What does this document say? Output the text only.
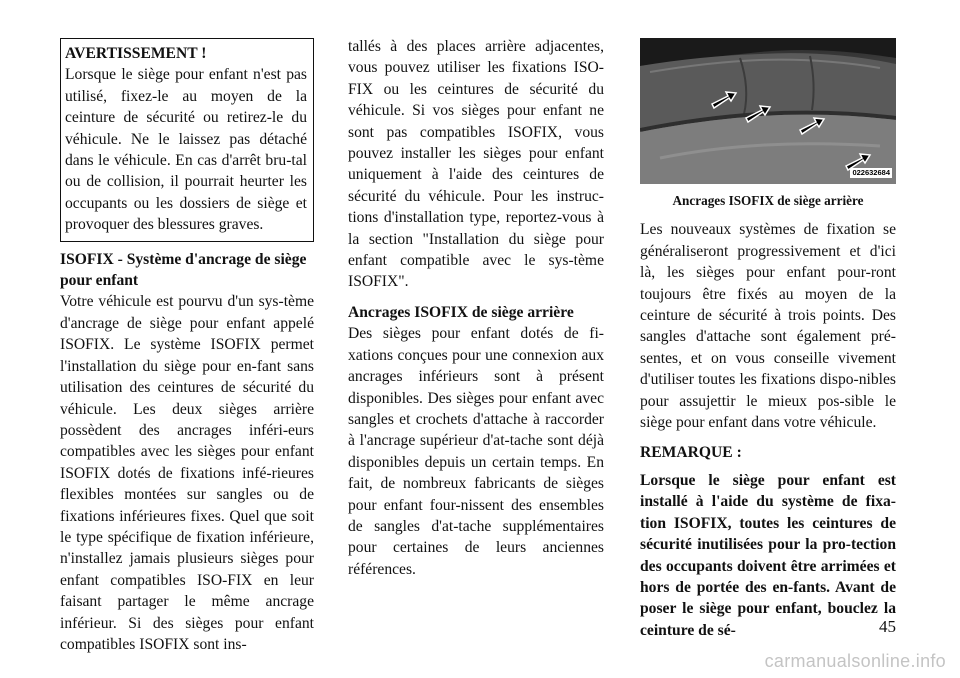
AVERTISSEMENT !

Lorsque le siège pour enfant n'est pas utilisé, fixez-le au moyen de la ceinture de sécurité ou retirez-le du véhicule. Ne le laissez pas détaché dans le véhicule. En cas d'arrêt bru-tal ou de collision, il pourrait heurter les occupants ou les dossiers de siège et provoquer des blessures graves.

ISOFIX - Système d'ancrage de siège pour enfant

Votre véhicule est pourvu d'un sys-tème d'ancrage de siège pour enfant appelé ISOFIX. Le système ISOFIX permet l'installation du siège pour en-fant sans utilisation des ceintures de sécurité du véhicule. Les deux sièges arrière possèdent des ancrages inféri-eurs compatibles avec les sièges pour enfant ISOFIX dotés de fixations infé-rieures flexibles montées sur sangles ou de fixations inférieures fixes. Quel que soit le type spécifique de fixation inférieure, n'installez jamais plusieurs sièges pour enfant compatibles ISO-FIX en leur faisant partager le même ancrage inférieur. Si des sièges pour enfant compatibles ISOFIX sont ins-

tallés à des places arrière adjacentes, vous pouvez utiliser les fixations ISO-FIX ou les ceintures de sécurité du véhicule. Si vos sièges pour enfant ne sont pas compatibles ISOFIX, vous pouvez installer les sièges pour enfant uniquement à l'aide des ceintures de sécurité du véhicule. Pour les instruc-tions d'installation type, reportez-vous à la section "Installation du siège pour enfant compatible avec le sys-tème ISOFIX".

Ancrages ISOFIX de siège arrière

Des sièges pour enfant dotés de fi-xations conçues pour une connexion aux ancrages inférieurs sont à présent disponibles. Des sièges pour enfant avec sangles et crochets d'attache à raccorder à l'ancrage supérieur d'at-tache sont déjà disponibles depuis un certain temps. En fait, de nombreux fabricants de sièges pour enfant four-nissent des ensembles de sangles d'at-tache supplémentaires pour certaines de leurs anciennes références.

022632684

Ancrages ISOFIX de siège arrière

Les nouveaux systèmes de fixation se généraliseront progressivement et d'ici là, les sièges pour enfant pour-ront toujours être fixés au moyen de la ceinture de sécurité à trois points. Des sangles d'attache sont également pré-sentes, et on vous conseille vivement d'utiliser toutes les fixations dispo-nibles pour assujettir le mieux pos-sible le siège pour enfant dans votre véhicule.

REMARQUE :

Lorsque le siège pour enfant est installé à l'aide du système de fixa-tion ISOFIX, toutes les ceintures de sécurité inutilisées pour la pro-tection des occupants doivent être arrimées et hors de portée des en-fants. Avant de poser le siège pour enfant, bouclez la ceinture de sé-	45
carmanualsonline.info
